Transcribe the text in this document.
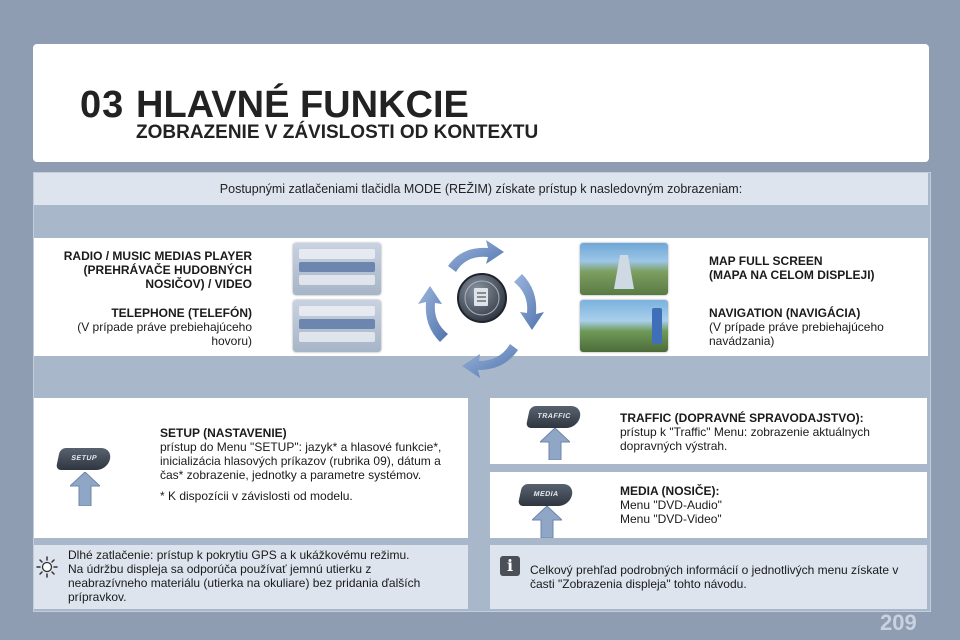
03 HLAVNÉ FUNKCIE
ZOBRAZENIE V ZÁVISLOSTI OD KONTEXTU
Postupnými zatlačeniami tlačidla MODE (REŽIM) získate prístup k nasledovným zobrazeniam:
RADIO / MUSIC MEDIAS PLAYER
(PREHRÁVAČE HUDOBNÝCH
NOSIČOV) / VIDEO
TELEPHONE (TELEFÓN)
(V prípade práve prebiehajúceho
hovoru)
MAP FULL SCREEN
(MAPA NA CELOM DISPLEJI)
NAVIGATION (NAVIGÁCIA)
(V prípade práve prebiehajúceho
navádzania)
SETUP
SETUP (NASTAVENIE)
prístup do Menu "SETUP": jazyk* a hlasové funkcie*,
inicializácia hlasových príkazov (rubrika 09), dátum a
čas* zobrazenie, jednotky a parametre systémov.
* K dispozícii v závislosti od modelu.
TRAFFIC	TRAFFIC (DOPRAVNÉ SPRAVODAJSTVO):
prístup k "Traffic" Menu: zobrazenie aktuálnych
dopravných výstrah.
MEDIA	MEDIA (NOSIČE):
Menu "DVD-Audio"
Menu "DVD-Video"
Dlhé zatlačenie: prístup k pokrytiu GPS a k ukážkovému režimu.
Na údržbu displeja sa odporúča používať jemnú utierku z
neabrazívneho materiálu (utierka na okuliare) bez pridania ďalších
prípravkov.
i	Celkový prehľad podrobných informácií o jednotlivých menu získate v
časti "Zobrazenia displeja" tohto návodu.
209
